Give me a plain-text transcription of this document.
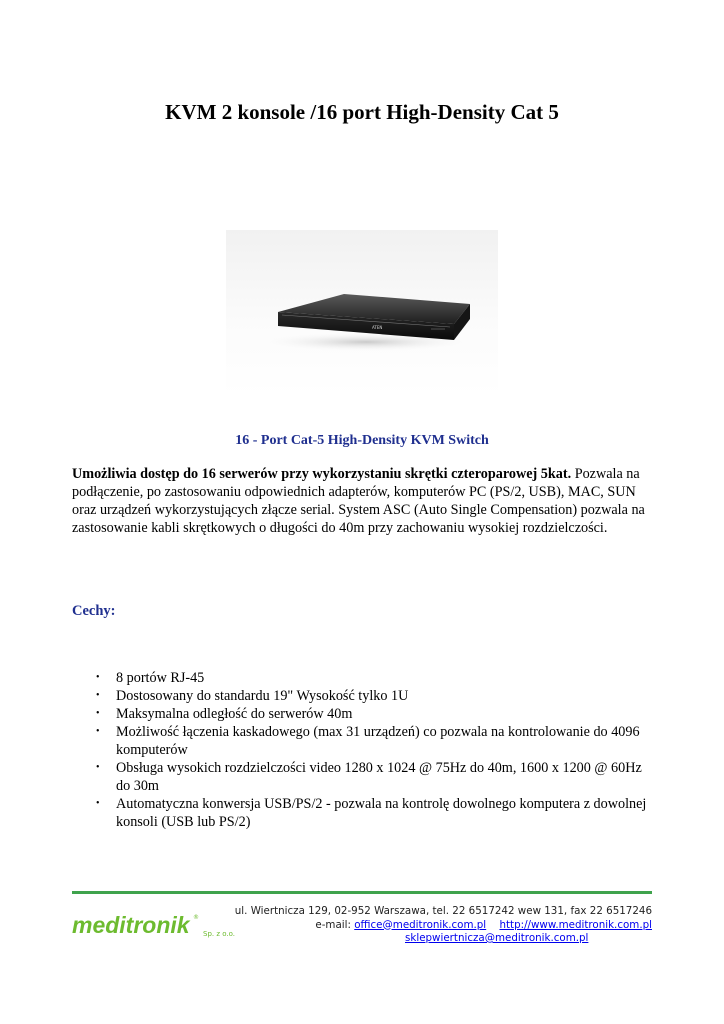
KVM 2 konsole /16 port High-Density Cat 5
ATEN
16 - Port Cat-5 High-Density KVM Switch
Umożliwia dostęp do 16 serwerów przy wykorzystaniu skrętki czteroparowej 5kat. Pozwala na podłączenie, po zastosowaniu odpowiednich adapterów, komputerów PC (PS/2, USB), MAC, SUN oraz urządzeń wykorzystujących złącze serial. System ASC (Auto Single Compensation) pozwala na zastosowanie kabli skrętkowych o długości do 40m przy zachowaniu wysokiej rozdzielczości.
Cechy:
• 8 portów RJ-45
• Dostosowany do standardu 19" Wysokość tylko 1U
• Maksymalna odległość do serwerów 40m
• Możliwość łączenia kaskadowego (max 31 urządzeń) co pozwala na kontrolowanie do 4096 komputerów
• Obsługa wysokich rozdzielczości video 1280 x 1024 @ 75Hz do 40m, 1600 x 1200 @ 60Hz do 30m
• Automatyczna konwersja USB/PS/2 - pozwala na kontrolę dowolnego komputera z dowolnej konsoli (USB lub PS/2)
meditronik ®
Sp. z o.o.
ul. Wiertnicza 129, 02-952 Warszawa, tel. 22 6517242 wew 131, fax 22 6517246
e-mail: office@meditronik.com.pl http://www.meditronik.com.pl
sklepwiertnicza@meditronik.com.pl
